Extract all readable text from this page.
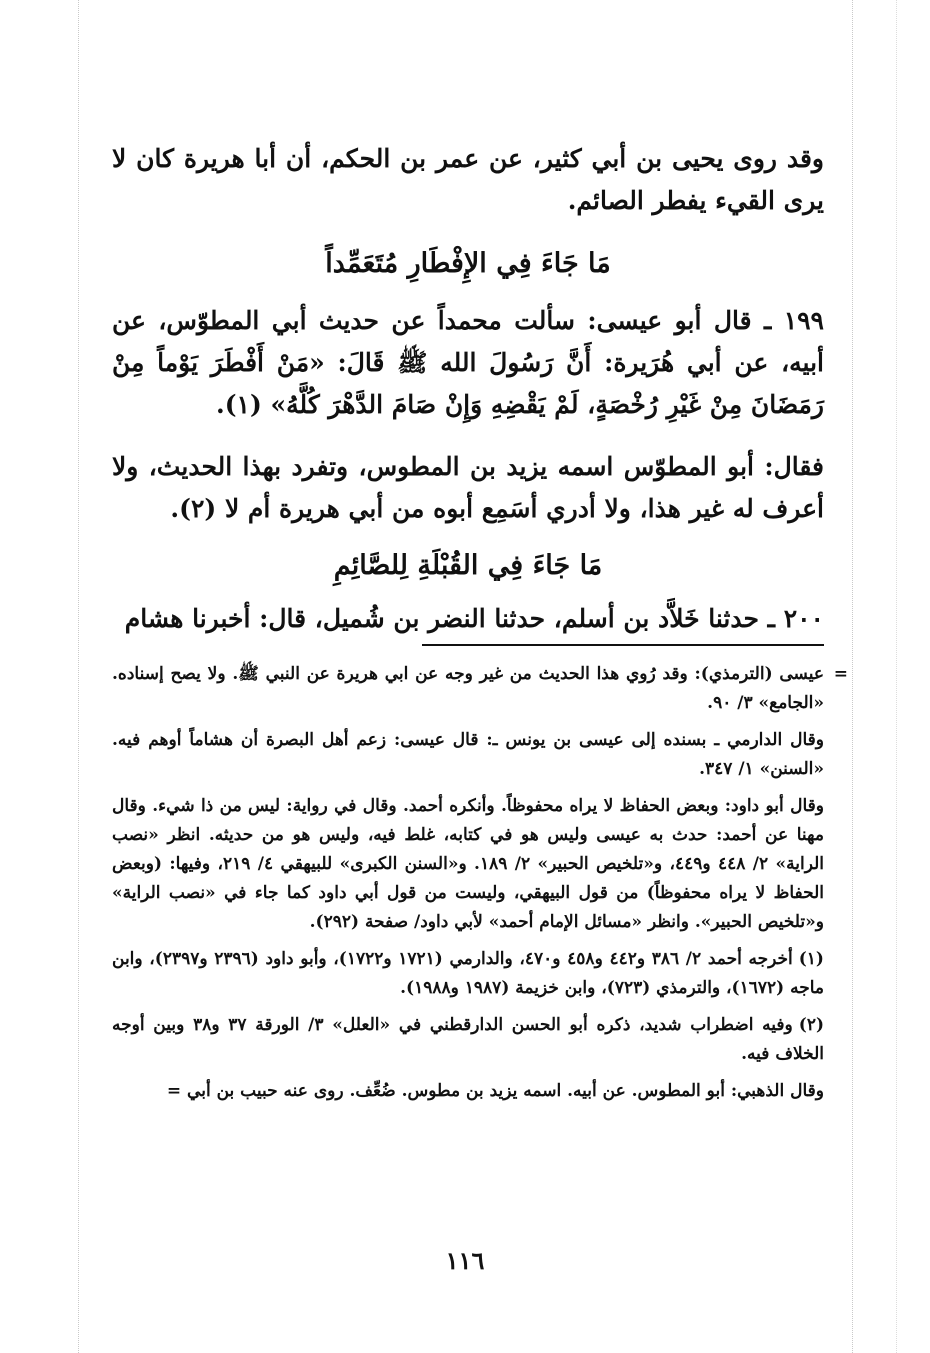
وقد روى يحيى بن أبي كثير، عن عمر بن الحكم، أن أبا هريرة كان لا يرى القيء يفطر الصائم.

مَا جَاءَ فِي الإِفْطَارِ مُتَعَمِّداً

١٩٩ ـ قال أبو عيسى: سألت محمداً عن حديث أبي المطوّس، عن أبيه، عن أبي هُرَيرة: أَنَّ رَسُولَ الله ﷺ قَالَ: «مَنْ أَفْطَرَ يَوْماً مِنْ رَمَضَانَ مِنْ غَيْرِ رُخْصَةٍ، لَمْ يَقْضِهِ وَإِنْ صَامَ الدَّهْرَ كُلَّهُ» (١).

فقال: أبو المطوّس اسمه يزيد بن المطوس، وتفرد بهذا الحديث، ولا أعرف له غير هذا، ولا أدري أسَمِع أبوه من أبي هريرة أم لا (٢).

مَا جَاءَ فِي القُبْلَةِ لِلصَّائِمِ

٢٠٠ ـ حدثنا خَلاَّد بن أسلم، حدثنا النضر بن شُميل، قال: أخبرنا هشام

=

عيسى (الترمذي): وقد رُوي هذا الحديث من غير وجه عن ابي هريرة عن النبي ﷺ. ولا يصح إسناده. «الجامع» ٣/ ٩٠.

وقال الدارمي ـ بسنده إلى عيسى بن يونس ـ: قال عيسى: زعم أهل البصرة أن هشاماً أوهم فيه. «السنن» ١/ ٣٤٧.

وقال أبو داود: وبعض الحفاظ لا يراه محفوظاً. وأنكره أحمد. وقال في رواية: ليس من ذا شيء. وقال مهنا عن أحمد: حدث به عيسى وليس هو في كتابه، غلط فيه، وليس هو من حديثه. انظر «نصب الراية» ٢/ ٤٤٨ و٤٤٩، و«تلخيص الحبير» ٢/ ١٨٩. و«السنن الكبرى» للبيهقي ٤/ ٢١٩، وفيها: (وبعض الحفاظ لا يراه محفوظاً) من قول البيهقي، وليست من قول أبي داود كما جاء في «نصب الراية» و«تلخيص الحبير». وانظر «مسائل الإمام أحمد» لأبي داود/ صفحة (٢٩٢).

(١)أخرجه أحمد ٢/ ٣٨٦ و٤٤٢ و٤٥٨ و٤٧٠، والدارمي (١٧٢١ و١٧٢٢)، وأبو داود (٢٣٩٦ و٢٣٩٧)، وابن ماجه (١٦٧٢)، والترمذي (٧٢٣)، وابن خزيمة (١٩٨٧ و١٩٨٨).

(٢)وفيه اضطراب شديد، ذكره أبو الحسن الدارقطني في «العلل» ٣/ الورقة ٣٧ و٣٨ وبين أوجه الخلاف فيه.

وقال الذهبي: أبو المطوس. عن أبيه. اسمه يزيد بن مطوس. ضُعِّف. روى عنه حبيب بن أبي =

١١٦
